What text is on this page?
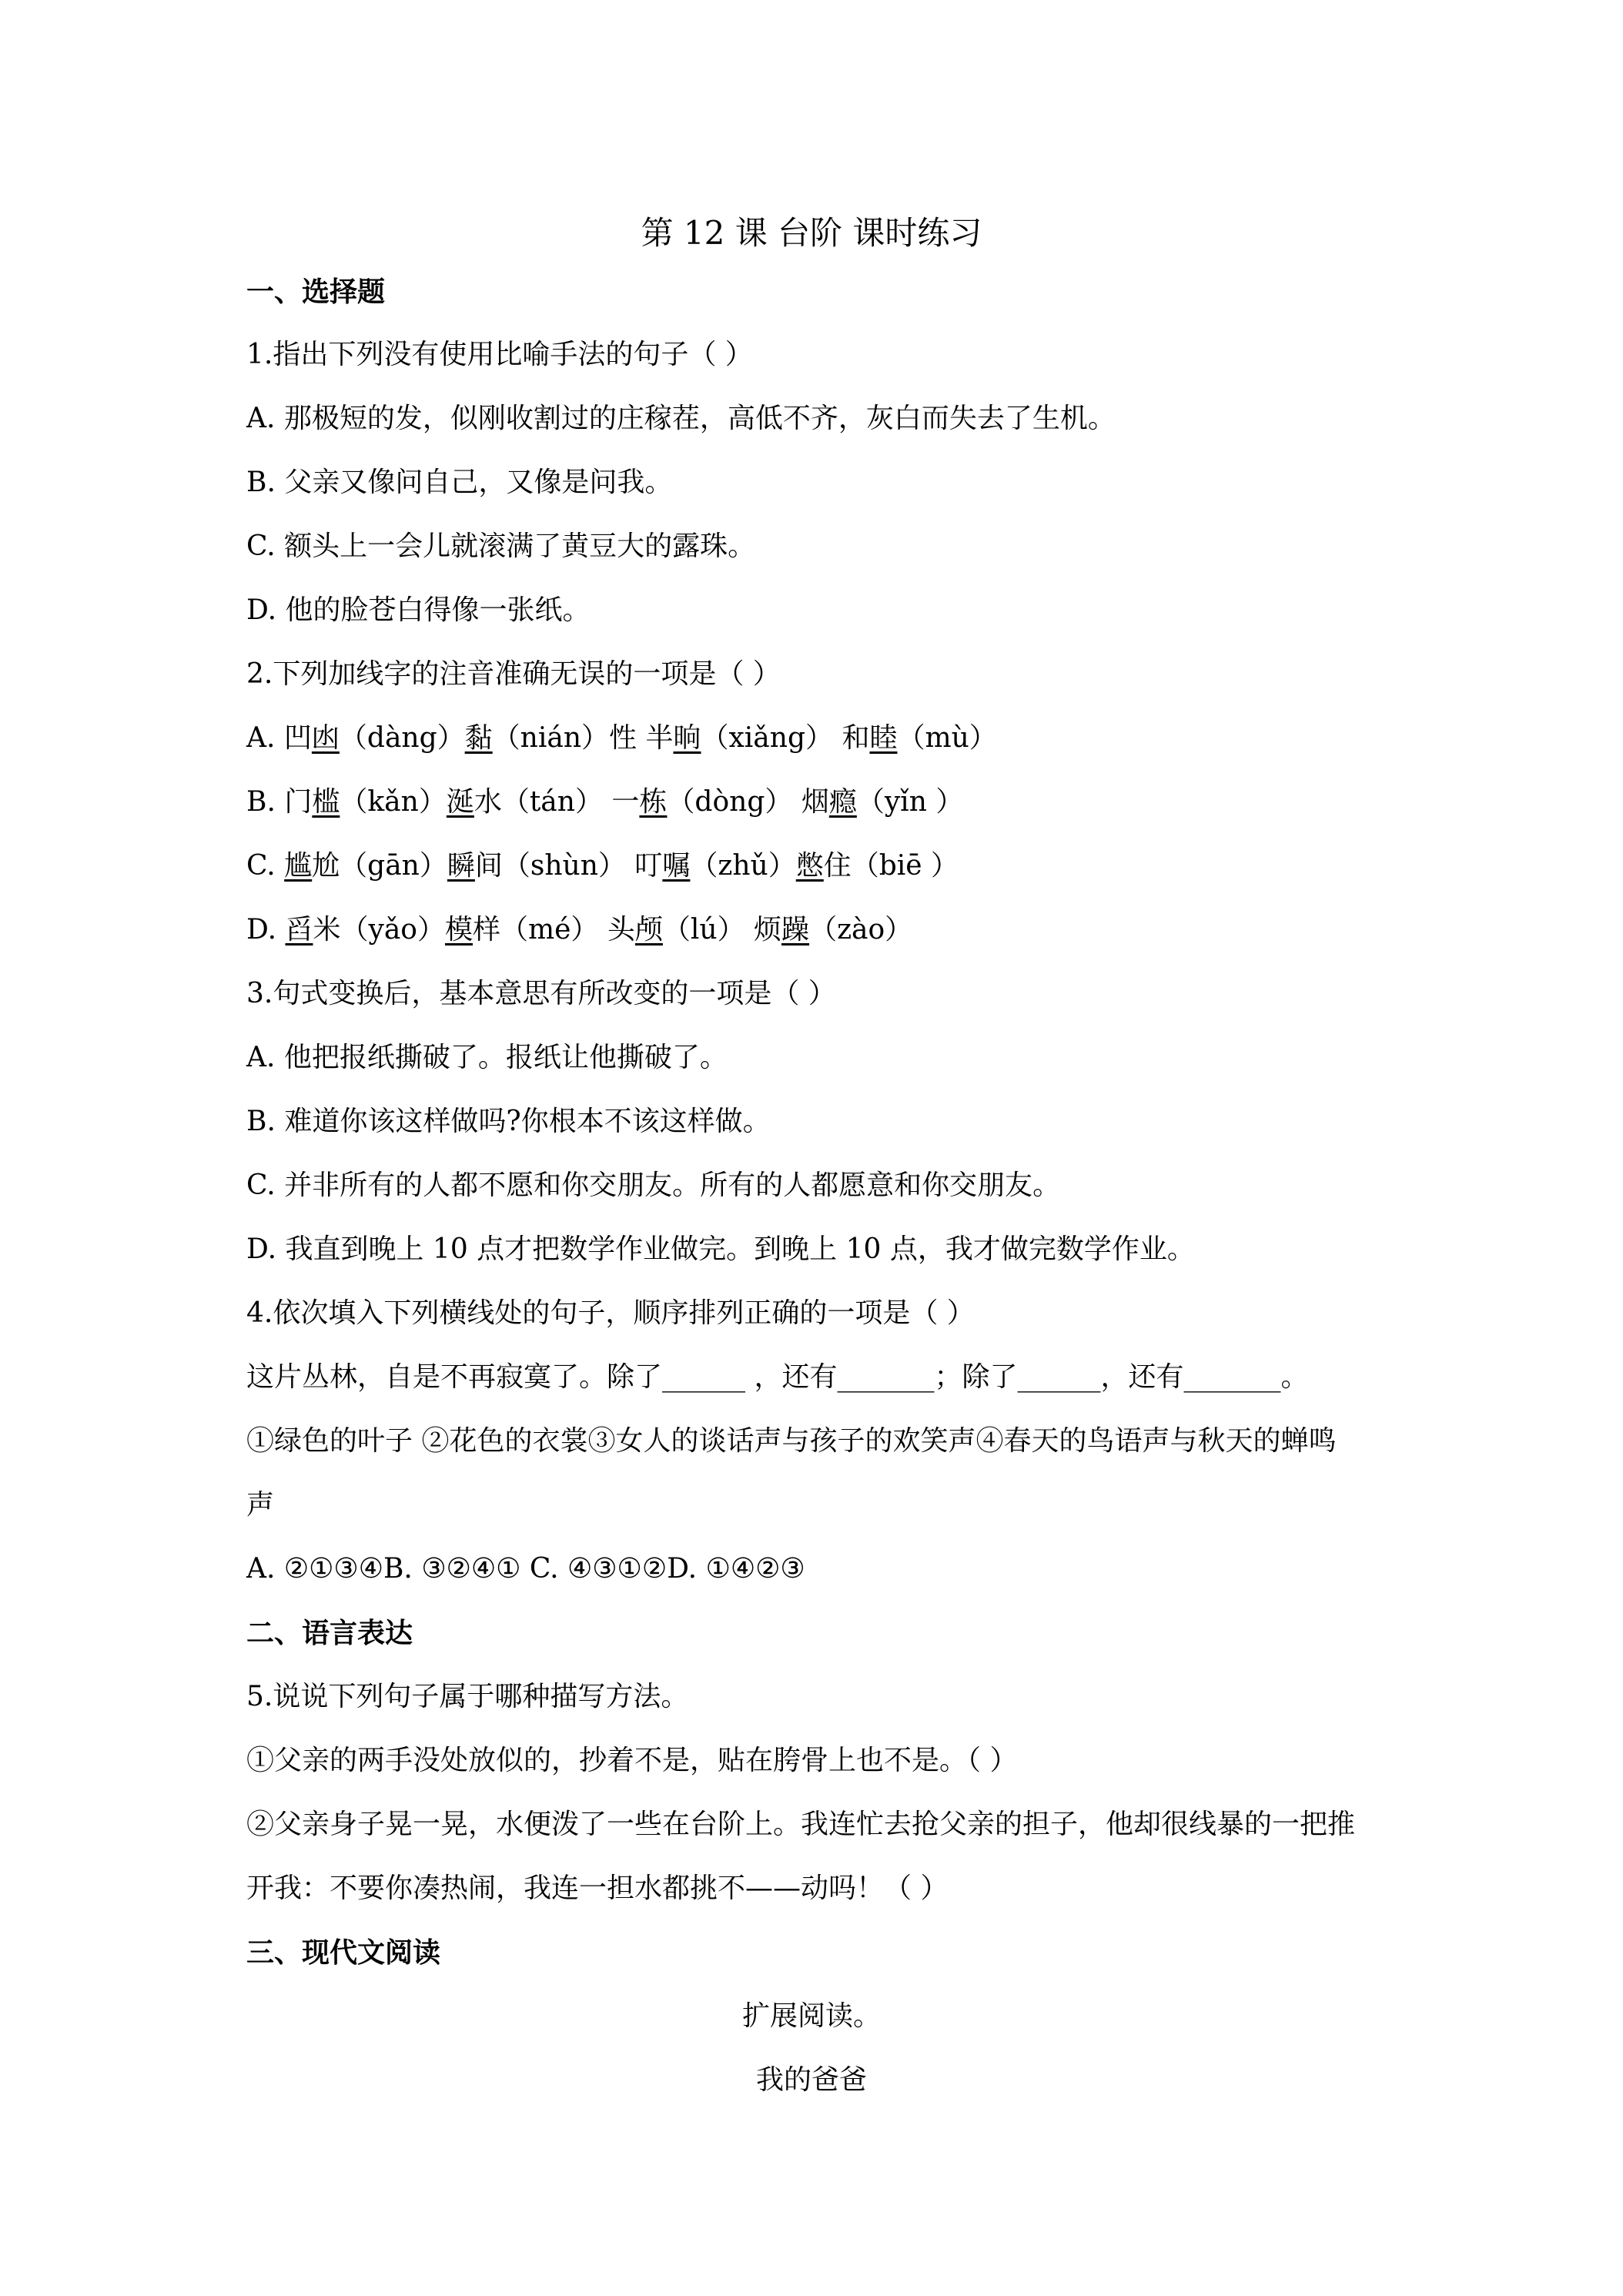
第 12 课 台阶 课时练习
一、选择题
1.指出下列没有使用比喻手法的句子（ ）
A. 那极短的发，似刚收割过的庄稼茬，高低不齐，灰白而失去了生机。
B. 父亲又像问自己，又像是问我。
C. 额头上一会儿就滚满了黄豆大的露珠。
D. 他的脸苍白得像一张纸。
2.下列加线字的注音准确无误的一项是（ ）
A. 凹凼（dàng）黏（nián）性 半晌（xiǎng） 和睦（mù）
B. 门槛（kǎn）涎水（tán） 一栋（dòng） 烟瘾（yǐn ）
C. 尴尬（gān）瞬间（shùn） 叮嘱（zhǔ）憋住（biē ）
D. 舀米（yǎo）模样（mé） 头颅（lú） 烦躁（zào）
3.句式变换后，基本意思有所改变的一项是（ ）
A. 他把报纸撕破了。报纸让他撕破了。
B. 难道你该这样做吗?你根本不该这样做。
C. 并非所有的人都不愿和你交朋友。所有的人都愿意和你交朋友。
D. 我直到晚上 10 点才把数学作业做完。到晚上 10 点，我才做完数学作业。
4.依次填入下列横线处的句子，顺序排列正确的一项是（ ）
这片丛林，自是不再寂寞了。除了______ ，还有_______；除了______，还有_______。
①绿色的叶子 ②花色的衣裳③女人的谈话声与孩子的欢笑声④春天的鸟语声与秋天的蝉鸣
声
A. ②①③④B. ③②④① C. ④③①②D. ①④②③
二、语言表达
5.说说下列句子属于哪种描写方法。
①父亲的两手没处放似的，抄着不是，贴在胯骨上也不是。（ ）
②父亲身子晃一晃，水便泼了一些在台阶上。我连忙去抢父亲的担子，他却很线暴的一把推
开我：不要你凑热闹，我连一担水都挑不——动吗！（ ）
三、现代文阅读
扩展阅读。
我的爸爸
